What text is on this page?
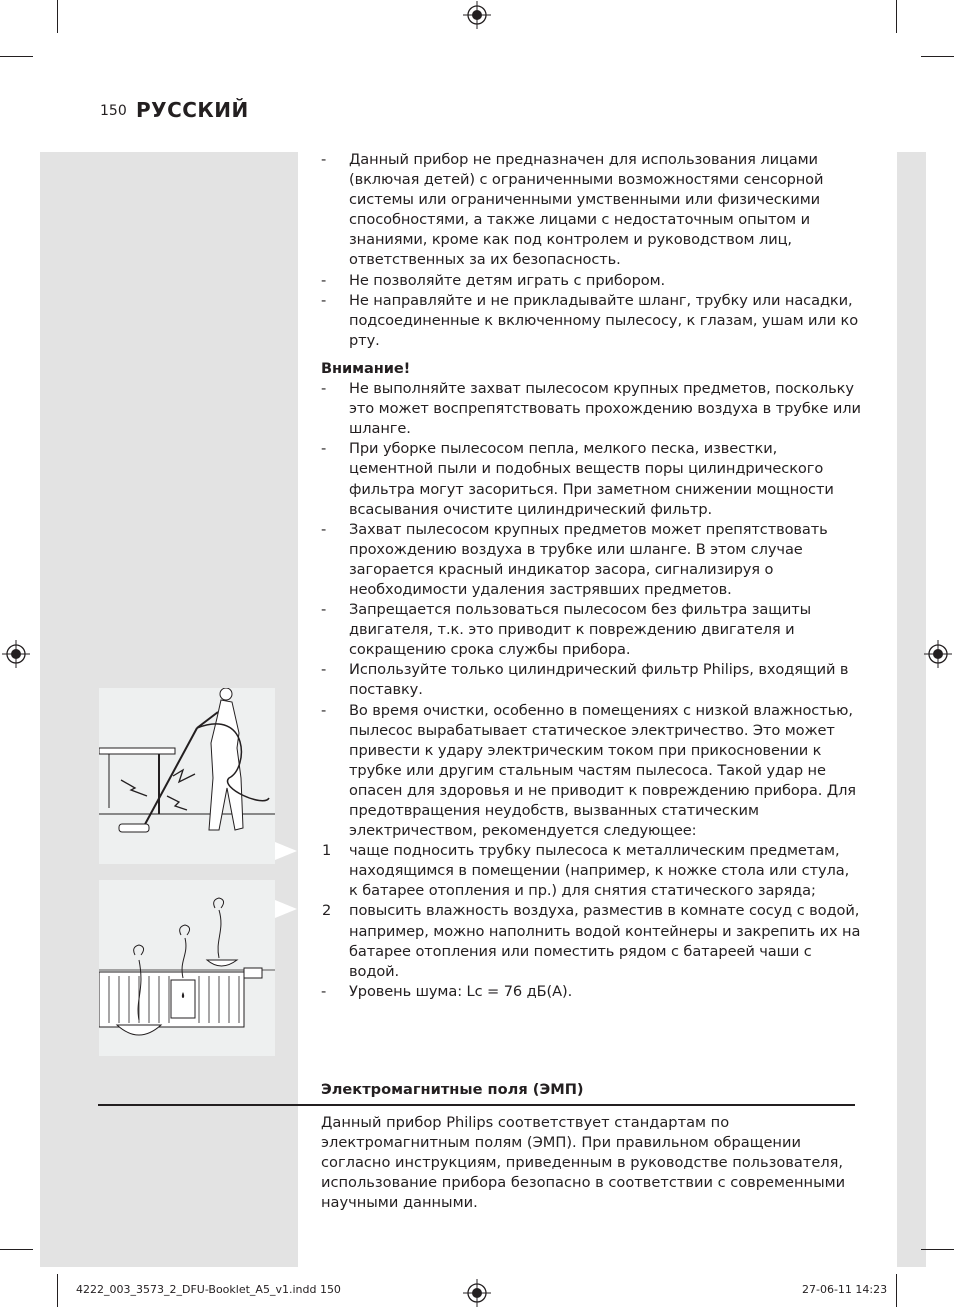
150 РУССКИЙ
- Данный прибор не предназначен для использования лицами (включая детей) с ограниченными возможностями сенсорной системы или ограниченными умственными или физическими способностями, а также лицами с недостаточным опытом и знаниями, кроме как под контролем и руководством лиц, ответственных за их безопасность.
- Не позволяйте детям играть с прибором.
- Не направляйте и не прикладывайте шланг, трубку или насадки, подсоединенные к включенному пылесосу, к глазам, ушам или ко рту.
Внимание!
- Не выполняйте захват пылесосом крупных предметов, поскольку это может воспрепятствовать прохождению воздуха в трубке или шланге.
- При уборке пылесосом пепла, мелкого песка, известки, цементной пыли и подобных веществ поры цилиндрического фильтра могут засориться. При заметном снижении мощности всасывания очистите цилиндрический фильтр.
- Захват пылесосом крупных предметов может препятствовать прохождению воздуха в трубке или шланге. В этом случае загорается красный индикатор засора, сигнализируя о необходимости удаления застрявших предметов.
- Запрещается пользоваться пылесосом без фильтра защиты двигателя, т.к. это приводит к повреждению двигателя и сокращению срока службы прибора.
- Используйте только цилиндрический фильтр Philips, входящий в поставку.
- Во время очистки, особенно в помещениях с низкой влажностью, пылесос вырабатывает статическое электричество. Это может привести к удару электрическим током при прикосновении к трубке или другим стальным частям пылесоса. Такой удар не опасен для здоровья и не приводит к повреждению прибора. Для предотвращения неудобств, вызванных статическим электричеством, рекомендуется следующее:
1 чаще подносить трубку пылесоса к металлическим предметам, находящимся в помещении (например, к ножке стола или стула, к батарее отопления и пр.) для снятия статического заряда;
2 повысить влажность воздуха, разместив в комнате сосуд с водой, например, можно наполнить водой контейнеры и закрепить их на батарее отопления или поместить рядом с батареей чаши с водой.
- Уровень шума: Lc = 76 дБ(A).
Электромагнитные поля (ЭМП)
Данный прибор Philips соответствует стандартам по электромагнитным полям (ЭМП). При правильном обращении согласно инструкциям, приведенным в руководстве пользователя, использование прибора безопасно в соответствии с современными научными данными.
4222_003_3573_2_DFU-Booklet_A5_v1.indd 150	27-06-11 14:23
